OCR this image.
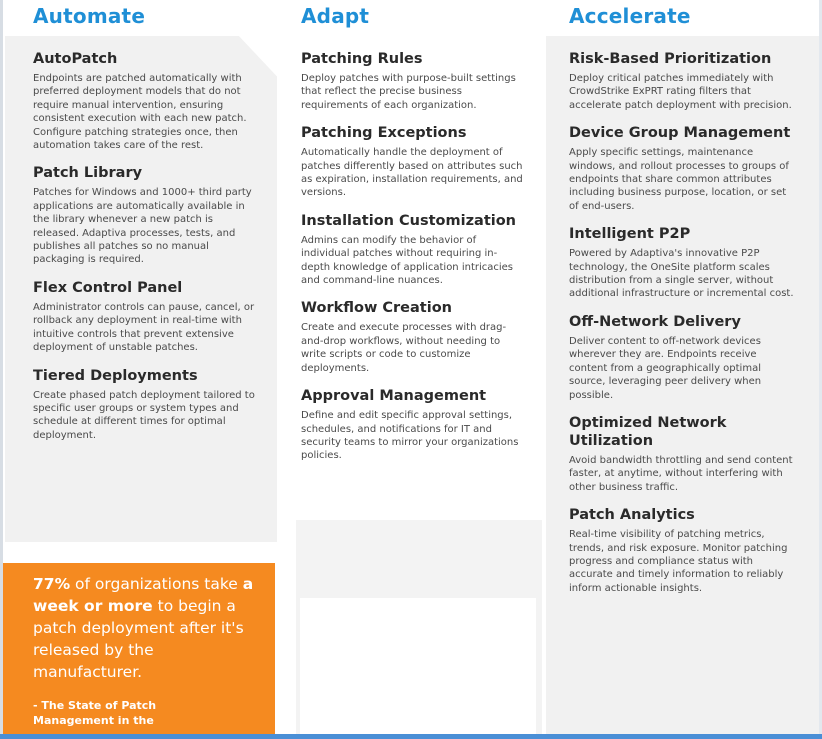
Automate	Adapt	Accelerate
AutoPatch

Endpoints are patched automatically with preferred deployment models that do not require manual intervention, ensuring consistent execution with each new patch. Configure patching strategies once, then automation takes care of the rest.

Patch Library

Patches for Windows and 1000+ third party applications are automatically available in the library whenever a new patch is released. Adaptiva processes, tests, and publishes all patches so no manual packaging is required.

Flex Control Panel

Administrator controls can pause, cancel, or rollback any deployment in real-time with intuitive controls that prevent extensive deployment of unstable patches.

Tiered Deployments

Create phased patch deployment tailored to specific user groups or system types and schedule at different times for optimal deployment.

Patching Rules

Deploy patches with purpose-built settings that reflect the precise business requirements of each organization.

Patching Exceptions

Automatically handle the deployment of patches differently based on attributes such as expiration, installation requirements, and versions.

Installation Customization

Admins can modify the behavior of individual patches without requiring in-depth knowledge of application intricacies and command-line nuances.

Workflow Creation

Create and execute processes with drag-and-drop workflows, without needing to write scripts or code to customize deployments.

Approval Management

Define and edit specific approval settings, schedules, and notifications for IT and security teams to mirror your organizations policies.

Risk-Based Prioritization

Deploy critical patches immediately with CrowdStrike ExPRT rating filters that accelerate patch deployment with precision.

Device Group Management

Apply specific settings, maintenance windows, and rollout processes to groups of endpoints that share common attributes including business purpose, location, or set of end-users.

Intelligent P2P

Powered by Adaptiva's innovative P2P technology, the OneSite platform scales distribution from a single server, without additional infrastructure or incremental cost.

Off-Network Delivery

Deliver content to off-network devices wherever they are. Endpoints receive content from a geographically optimal source, leveraging peer delivery when possible.

Optimized Network Utilization

Avoid bandwidth throttling and send content faster, at anytime, without interfering with other business traffic.

Patch Analytics

Real-time visibility of patching metrics, trends, and risk exposure. Monitor patching progress and compliance status with accurate and timely information to reliably inform actionable insights.

77% of organizations take a week or more to begin a patch deployment after it's released by the manufacturer.
- The State of Patch Management in the
